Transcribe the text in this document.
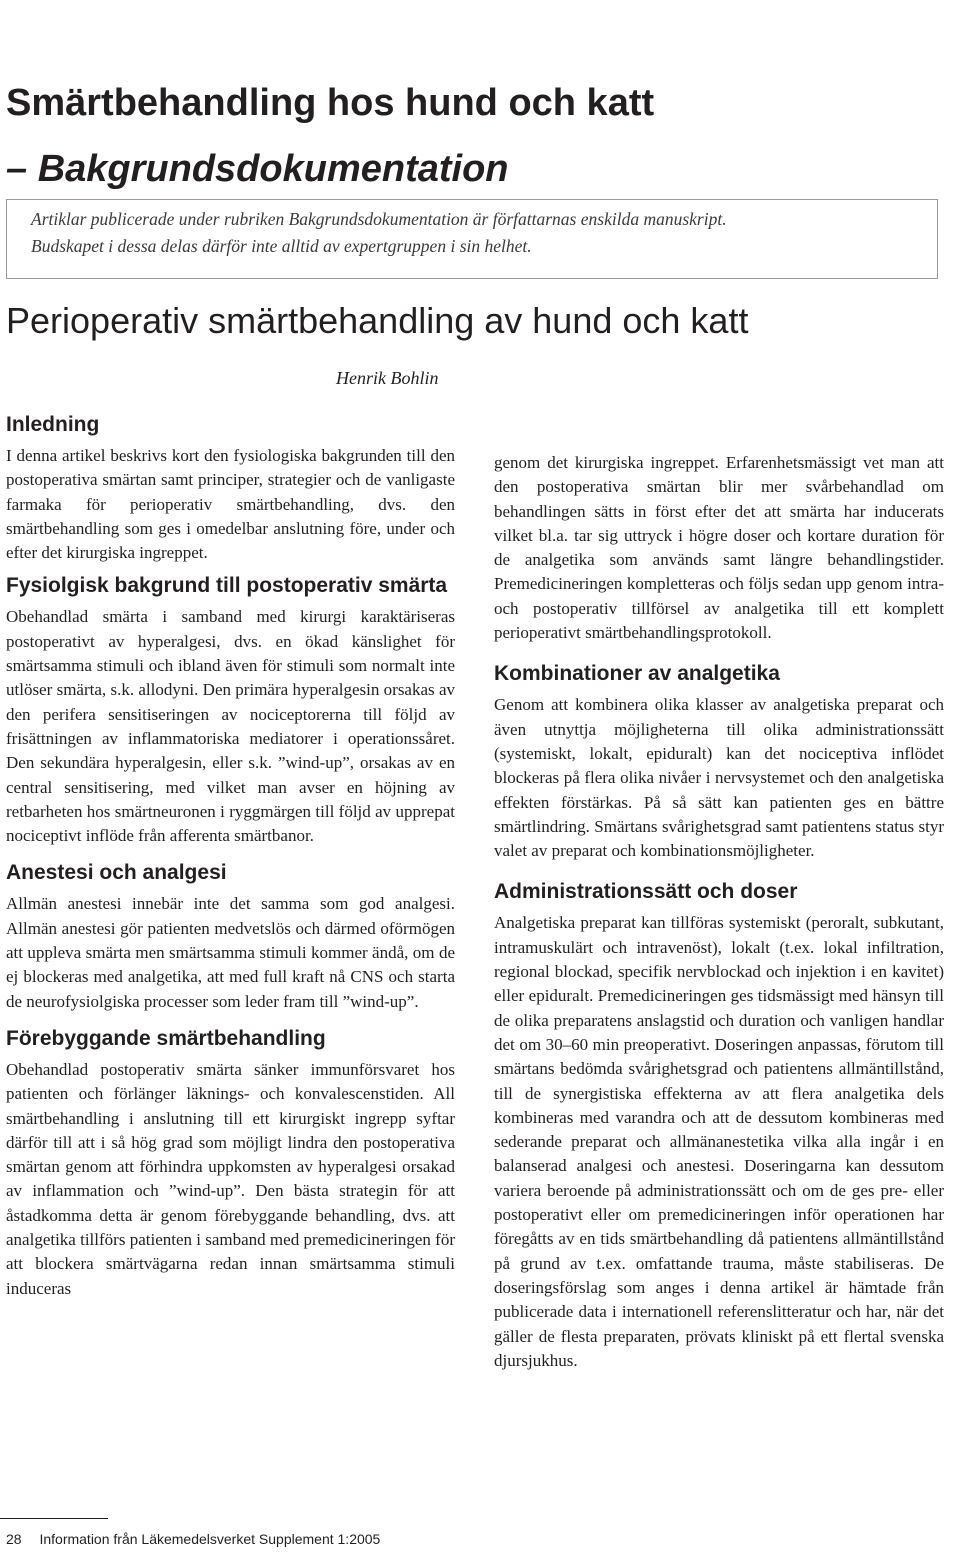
Smärtbehandling hos hund och katt
– Bakgrundsdokumentation
Artiklar publicerade under rubriken Bakgrundsdokumentation är författarnas enskilda manuskript.
Budskapet i dessa delas därför inte alltid av expertgruppen i sin helhet.
Perioperativ smärtbehandling av hund och katt
Henrik Bohlin
Inledning

I denna artikel beskrivs kort den fysiologiska bakgrunden till den postoperativa smärtan samt principer, strategier och de vanligaste farmaka för perioperativ smärtbehandling, dvs. den smärtbehandling som ges i omedelbar anslutning före, under och efter det kirurgiska ingreppet.

Fysiolgisk bakgrund till postoperativ smärta

Obehandlad smärta i samband med kirurgi karaktäriseras postoperativt av hyperalgesi, dvs. en ökad känslighet för smärtsamma stimuli och ibland även för stimuli som normalt inte utlöser smärta, s.k. allodyni. Den primära hyperalgesin orsakas av den perifera sensitiseringen av nociceptorerna till följd av frisättningen av inflammatoriska mediatorer i operationssåret. Den sekundära hyperalgesin, eller s.k. ”wind-up”, orsakas av en central sensitisering, med vilket man avser en höjning av retbarheten hos smärtneuronen i ryggmärgen till följd av upprepat nociceptivt inflöde från afferenta smärtbanor.

Anestesi och analgesi

Allmän anestesi innebär inte det samma som god analgesi. Allmän anestesi gör patienten medvetslös och därmed oförmögen att uppleva smärta men smärtsamma stimuli kommer ändå, om de ej blockeras med analgetika, att med full kraft nå CNS och starta de neurofysiolgiska processer som leder fram till ”wind-up”.

Förebyggande smärtbehandling

Obehandlad postoperativ smärta sänker immunförsvaret hos patienten och förlänger läknings- och konvalescenstiden. All smärtbehandling i anslutning till ett kirurgiskt ingrepp syftar därför till att i så hög grad som möjligt lindra den postoperativa smärtan genom att förhindra uppkomsten av hyperalgesi orsakad av inflammation och ”wind-up”. Den bästa strategin för att åstadkomma detta är genom förebyggande behandling, dvs. att analgetika tillförs patienten i samband med premedicineringen för att blockera smärtvägarna redan innan smärtsamma stimuli induceras

genom det kirurgiska ingreppet. Erfarenhetsmässigt vet man att den postoperativa smärtan blir mer svårbehandlad om behandlingen sätts in först efter det att smärta har inducerats vilket bl.a. tar sig uttryck i högre doser och kortare duration för de analgetika som används samt längre behandlingstider. Premedicineringen kompletteras och följs sedan upp genom intra- och postoperativ tillförsel av analgetika till ett komplett perioperativt smärtbehandlingsprotokoll.

Kombinationer av analgetika

Genom att kombinera olika klasser av analgetiska preparat och även utnyttja möjligheterna till olika administrationssätt (systemiskt, lokalt, epiduralt) kan det nociceptiva inflödet blockeras på flera olika nivåer i nervsystemet och den analgetiska effekten förstärkas. På så sätt kan patienten ges en bättre smärtlindring. Smärtans svårighetsgrad samt patientens status styr valet av preparat och kombinationsmöjligheter.

Administrationssätt och doser

Analgetiska preparat kan tillföras systemiskt (peroralt, subkutant, intramuskulärt och intravenöst), lokalt (t.ex. lokal infiltration, regional blockad, specifik nervblockad och injektion i en kavitet) eller epiduralt. Premedicineringen ges tidsmässigt med hänsyn till de olika preparatens anslagstid och duration och vanligen handlar det om 30–60 min preoperativt. Doseringen anpassas, förutom till smärtans bedömda svårighetsgrad och patientens allmäntillstånd, till de synergistiska effekterna av att flera analgetika dels kombineras med varandra och att de dessutom kombineras med sederande preparat och allmänanestetika vilka alla ingår i en balanserad analgesi och anestesi. Doseringarna kan dessutom variera beroende på administrationssätt och om de ges pre- eller postoperativt eller om premedicineringen inför operationen har föregåtts av en tids smärtbehandling då patientens allmäntillstånd på grund av t.ex. omfattande trauma, måste stabiliseras. De doseringsförslag som anges i denna artikel är hämtade från publicerade data i internationell referenslitteratur och har, när det gäller de flesta preparaten, prövats kliniskt på ett flertal svenska djursjukhus.

28 Information från Läkemedelsverket Supplement 1:2005
